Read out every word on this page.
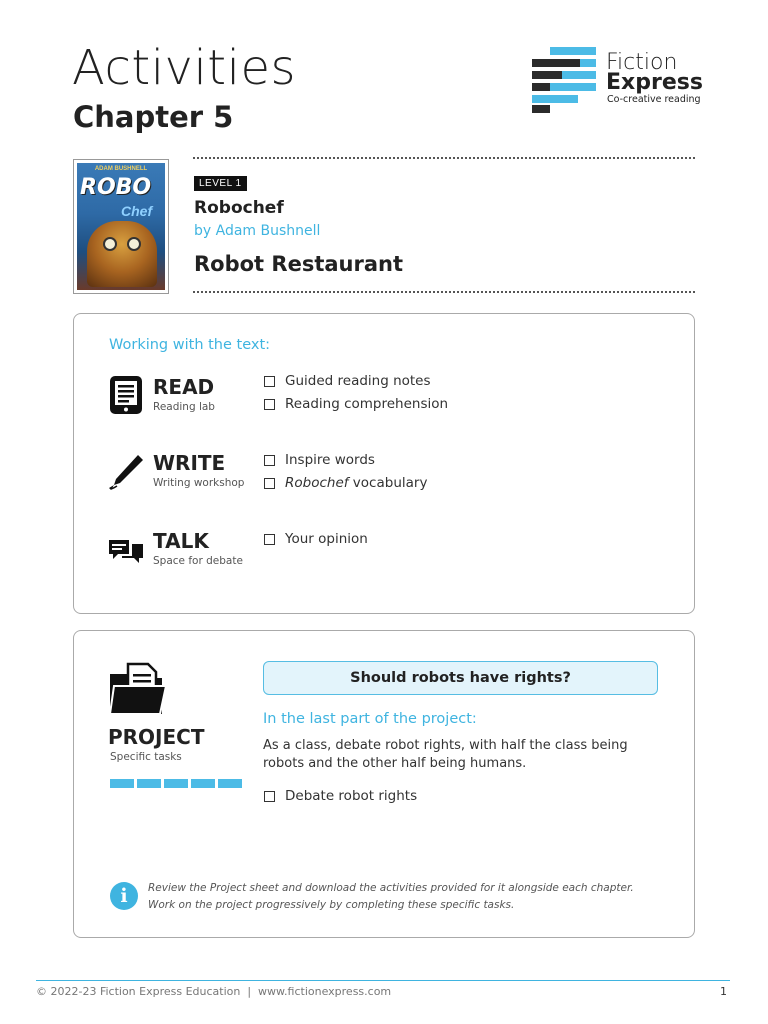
Activities
Chapter 5
Fiction
Express
Co-creative reading
ADAM BUSHNELL
ROBO
Chef
LEVEL 1
Robochef
by Adam Bushnell
Robot Restaurant
Working with the text:
READ
Reading lab
Guided reading notes
Reading comprehension
WRITE
Writing workshop
Inspire words
Robochef vocabulary
TALK
Space for debate
Your opinion
PROJECT
Specific tasks
Should robots have rights?
In the last part of the project:
As a class, debate robot rights, with half the class being robots and the other half being humans.
Debate robot rights
i	Review the Project sheet and download the activities provided for it alongside each chapter. Work on the project progressively by completing these specific tasks.
© 2022-23 Fiction Express Education  |  www.fictionexpress.com	1
